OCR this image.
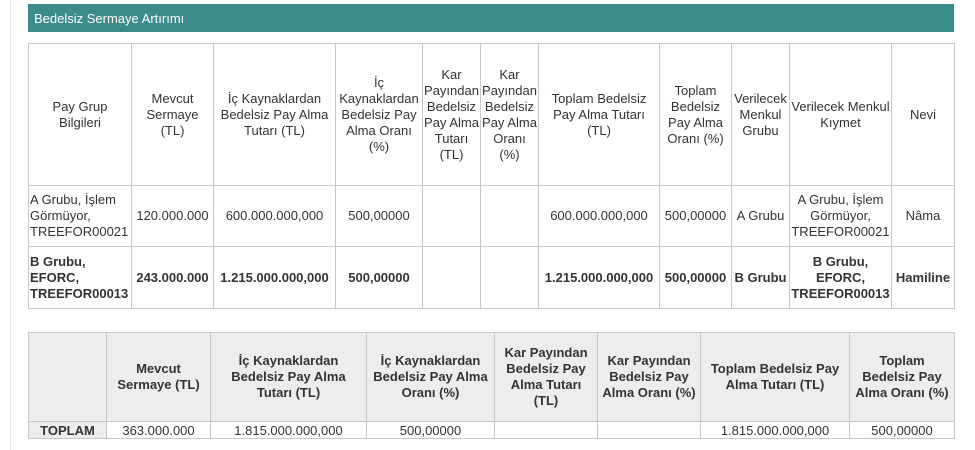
Bedelsiz Sermaye Artırımı
Pay Grup Bilgileri	Mevcut Sermaye (TL)	İç Kaynaklardan Bedelsiz Pay Alma Tutarı (TL)	İç Kaynaklardan Bedelsiz Pay Alma Oranı (%)	Kar Payından Bedelsiz Pay Alma Tutarı (TL)	Kar Payından Bedelsiz Pay Alma Oranı (%)	Toplam Bedelsiz Pay Alma Tutarı (TL)	Toplam Bedelsiz Pay Alma Oranı (%)	Verilecek Menkul Grubu	Verilecek Menkul Kıymet	Nevi
A Grubu, İşlem Görmüyor, TREEFOR00021	120.000.000	600.000.000,000	500,00000			600.000.000,000	500,00000	A Grubu	A Grubu, İşlem Görmüyor, TREEFOR00021	Nâma
B Grubu, EFORC, TREEFOR00013	243.000.000	1.215.000.000,000	500,00000			1.215.000.000,000	500,00000	B Grubu	B Grubu, EFORC, TREEFOR00013	Hamiline
	Mevcut Sermaye (TL)	İç Kaynaklardan Bedelsiz Pay Alma Tutarı (TL)	İç Kaynaklardan Bedelsiz Pay Alma Oranı (%)	Kar Payından Bedelsiz Pay Alma Tutarı (TL)	Kar Payından Bedelsiz Pay Alma Oranı (%)	Toplam Bedelsiz Pay Alma Tutarı (TL)	Toplam Bedelsiz Pay Alma Oranı (%)
TOPLAM	363.000.000	1.815.000.000,000	500,00000			1.815.000.000,000	500,00000
